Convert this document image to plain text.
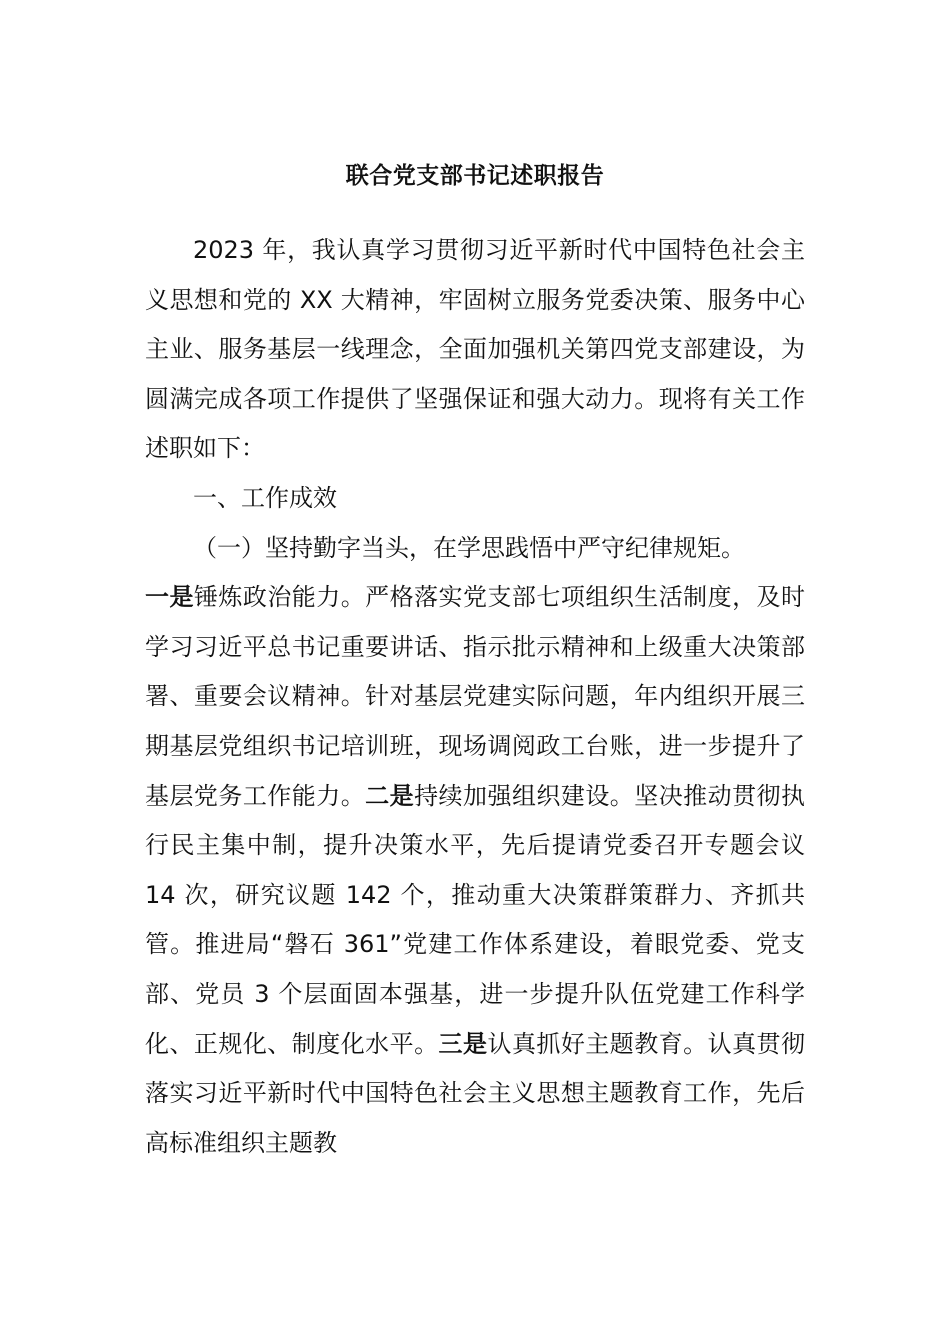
联合党支部书记述职报告

2023 年，我认真学习贯彻习近平新时代中国特色社会主义思想和党的 XX 大精神，牢固树立服务党委决策、服务中心主业、服务基层一线理念，全面加强机关第四党支部建设，为圆满完成各项工作提供了坚强保证和强大动力。现将有关工作述职如下：

一、工作成效

（一）坚持勤字当头，在学思践悟中严守纪律规矩。

一是锤炼政治能力。严格落实党支部七项组织生活制度，及时学习习近平总书记重要讲话、指示批示精神和上级重大决策部署、重要会议精神。针对基层党建实际问题，年内组织开展三期基层党组织书记培训班，现场调阅政工台账，进一步提升了基层党务工作能力。二是持续加强组织建设。坚决推动贯彻执行民主集中制，提升决策水平，先后提请党委召开专题会议 14 次，研究议题 142 个，推动重大决策群策群力、齐抓共管。推进局“磐石 361”党建工作体系建设，着眼党委、党支部、党员 3 个层面固本强基，进一步提升队伍党建工作科学化、正规化、制度化水平。三是认真抓好主题教育。认真贯彻落实习近平新时代中国特色社会主义思想主题教育工作，先后高标准组织主题教
